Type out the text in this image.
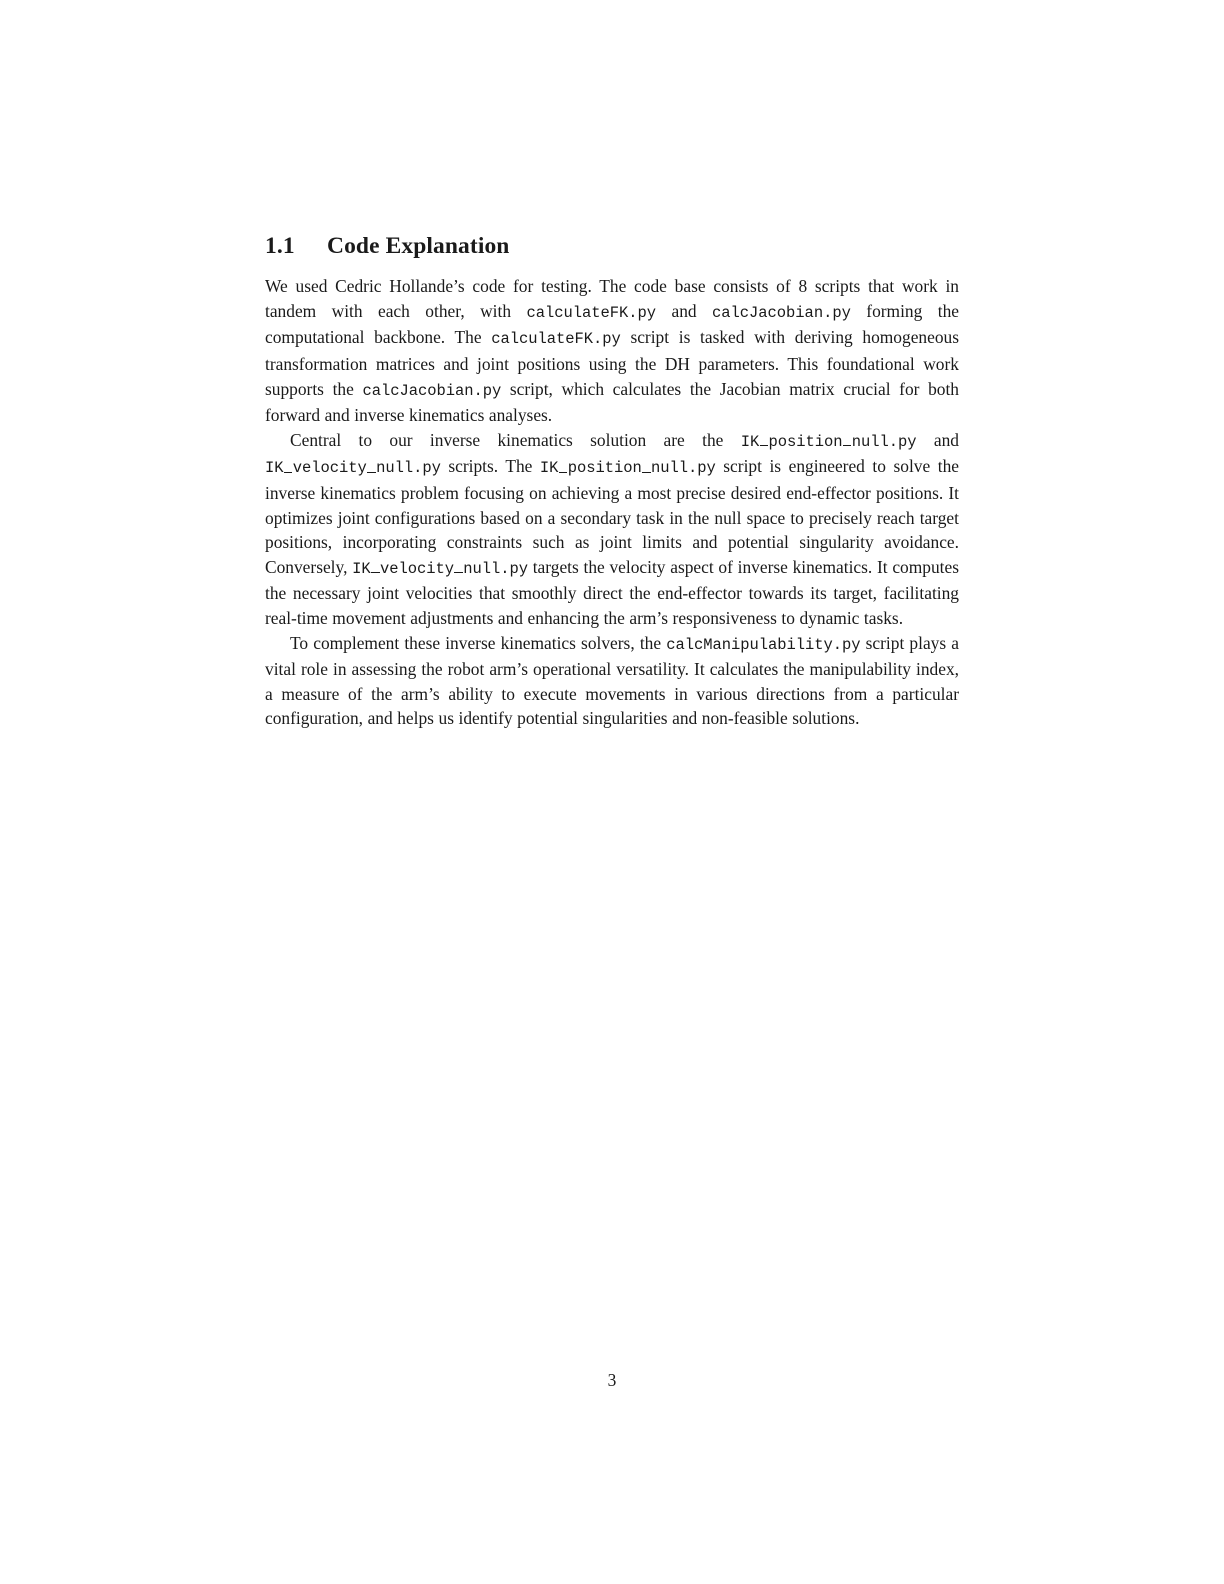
1.1 Code Explanation

We used Cedric Hollande’s code for testing. The code base consists of 8 scripts that work in tandem with each other, with calculateFK.py and calcJacobian.py forming the computational backbone. The calculateFK.py script is tasked with deriving homogeneous transformation matrices and joint positions using the DH parameters. This foundational work supports the calcJacobian.py script, which calculates the Jacobian matrix crucial for both forward and inverse kinematics analyses.

Central to our inverse kinematics solution are the IK position null.py and IK velocity null.py scripts. The IK position null.py script is engineered to solve the inverse kinematics problem focusing on achieving a most precise desired end-effector positions. It optimizes joint configurations based on a secondary task in the null space to precisely reach target positions, incorporating constraints such as joint limits and potential singularity avoidance. Conversely, IK velocity null.py targets the velocity aspect of inverse kinematics. It computes the necessary joint velocities that smoothly direct the end-effector towards its target, facilitating real-time movement adjustments and enhancing the arm’s responsiveness to dynamic tasks.

To complement these inverse kinematics solvers, the calcManipulability.py script plays a vital role in assessing the robot arm’s operational versatility. It calculates the manipulability index, a measure of the arm’s ability to execute movements in various directions from a particular configuration, and helps us identify potential singularities and non-feasible solutions.

3
